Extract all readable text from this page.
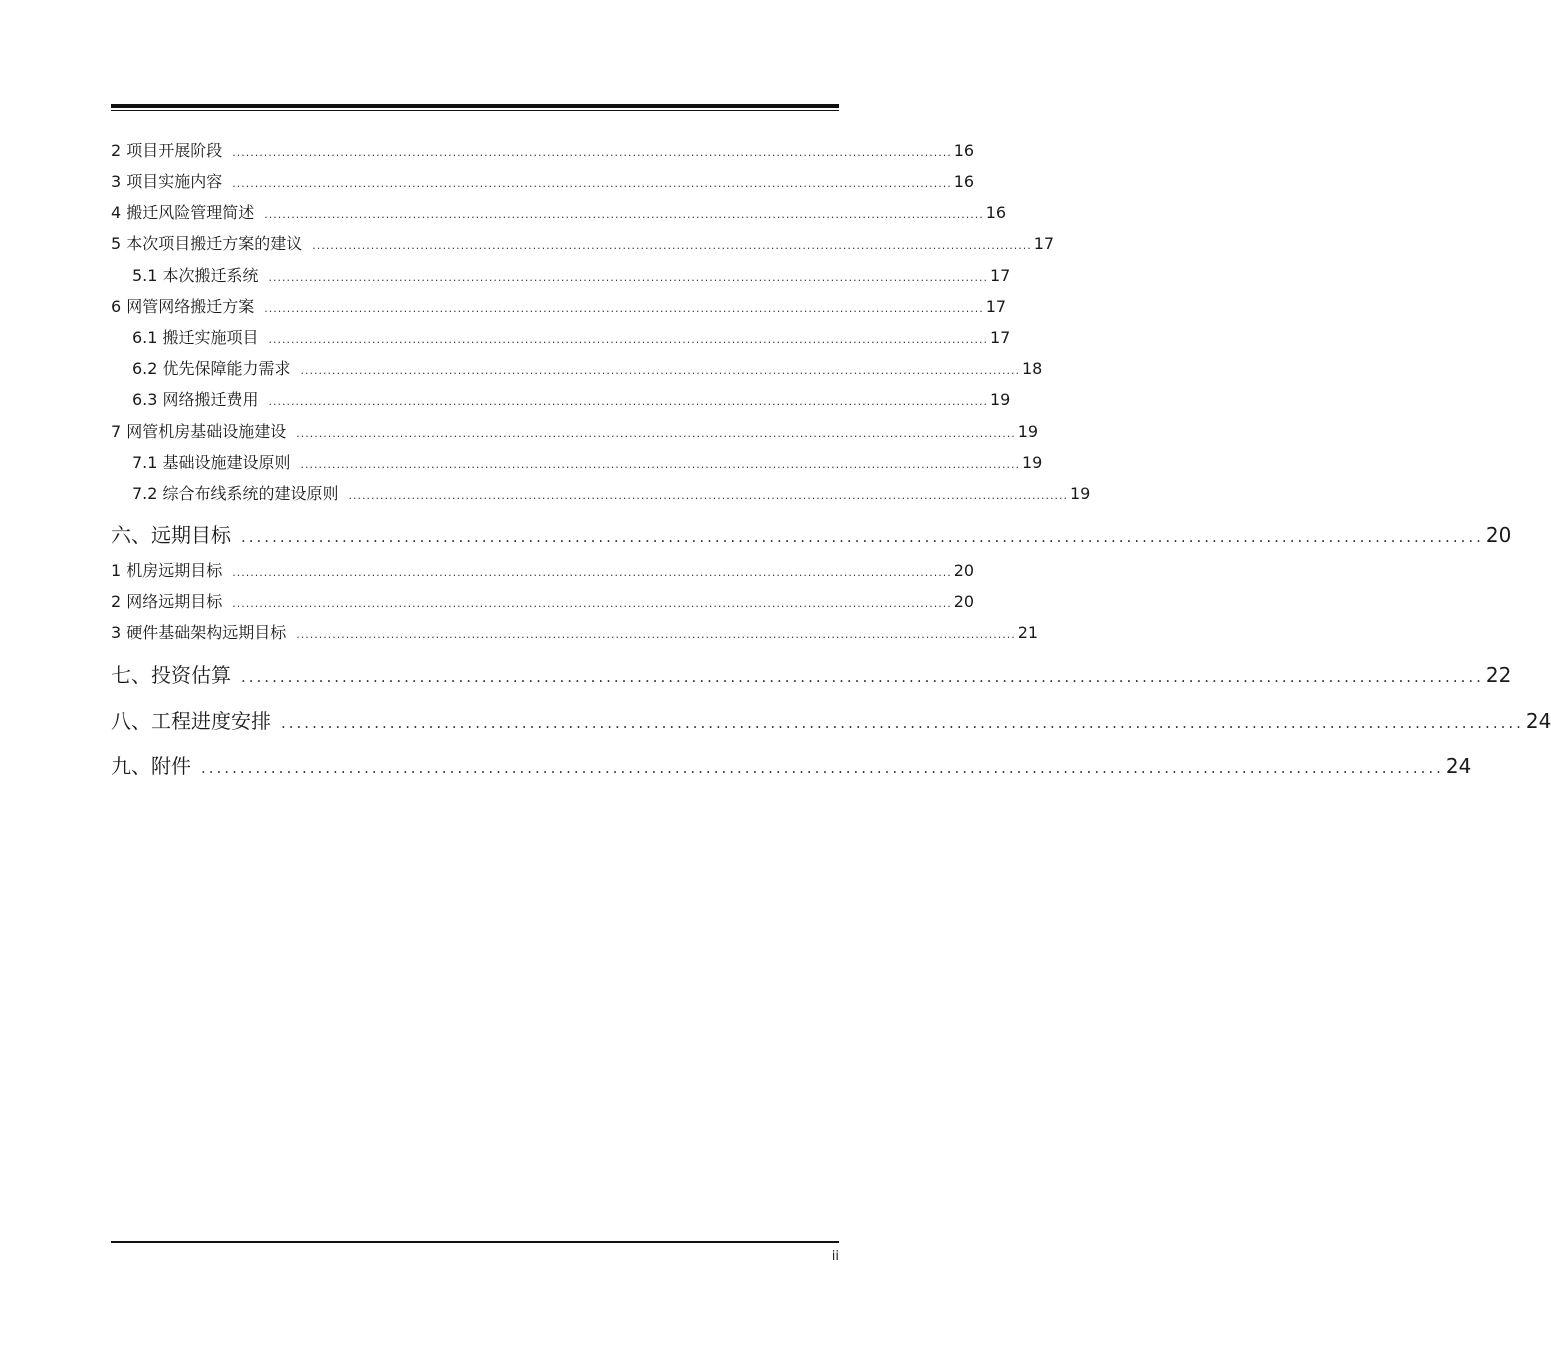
2 项目开展阶段 ................................................................................................................................................................ 16
3 项目实施内容 ................................................................................................................................................................ 16
4 搬迁风险管理简述 ................................................................................................................................................................ 16
5 本次项目搬迁方案的建议 ................................................................................................................................................................ 17
5.1 本次搬迁系统 ................................................................................................................................................................ 17
6 网管网络搬迁方案 ................................................................................................................................................................ 17
6.1 搬迁实施项目 ................................................................................................................................................................ 17
6.2 优先保障能力需求 ................................................................................................................................................................ 18
6.3 网络搬迁费用 ................................................................................................................................................................ 19
7 网管机房基础设施建设 ................................................................................................................................................................ 19
7.1 基础设施建设原则 ................................................................................................................................................................ 19
7.2 综合布线系统的建设原则 ................................................................................................................................................................ 19
六、远期目标 ................................................................................................................................................................ 20
1 机房远期目标 ................................................................................................................................................................ 20
2 网络远期目标 ................................................................................................................................................................ 20
3 硬件基础架构远期目标 ................................................................................................................................................................ 21
七、投资估算 ................................................................................................................................................................ 22
八、工程进度安排 ................................................................................................................................................................ 24
九、附件 ................................................................................................................................................................ 24
ii
